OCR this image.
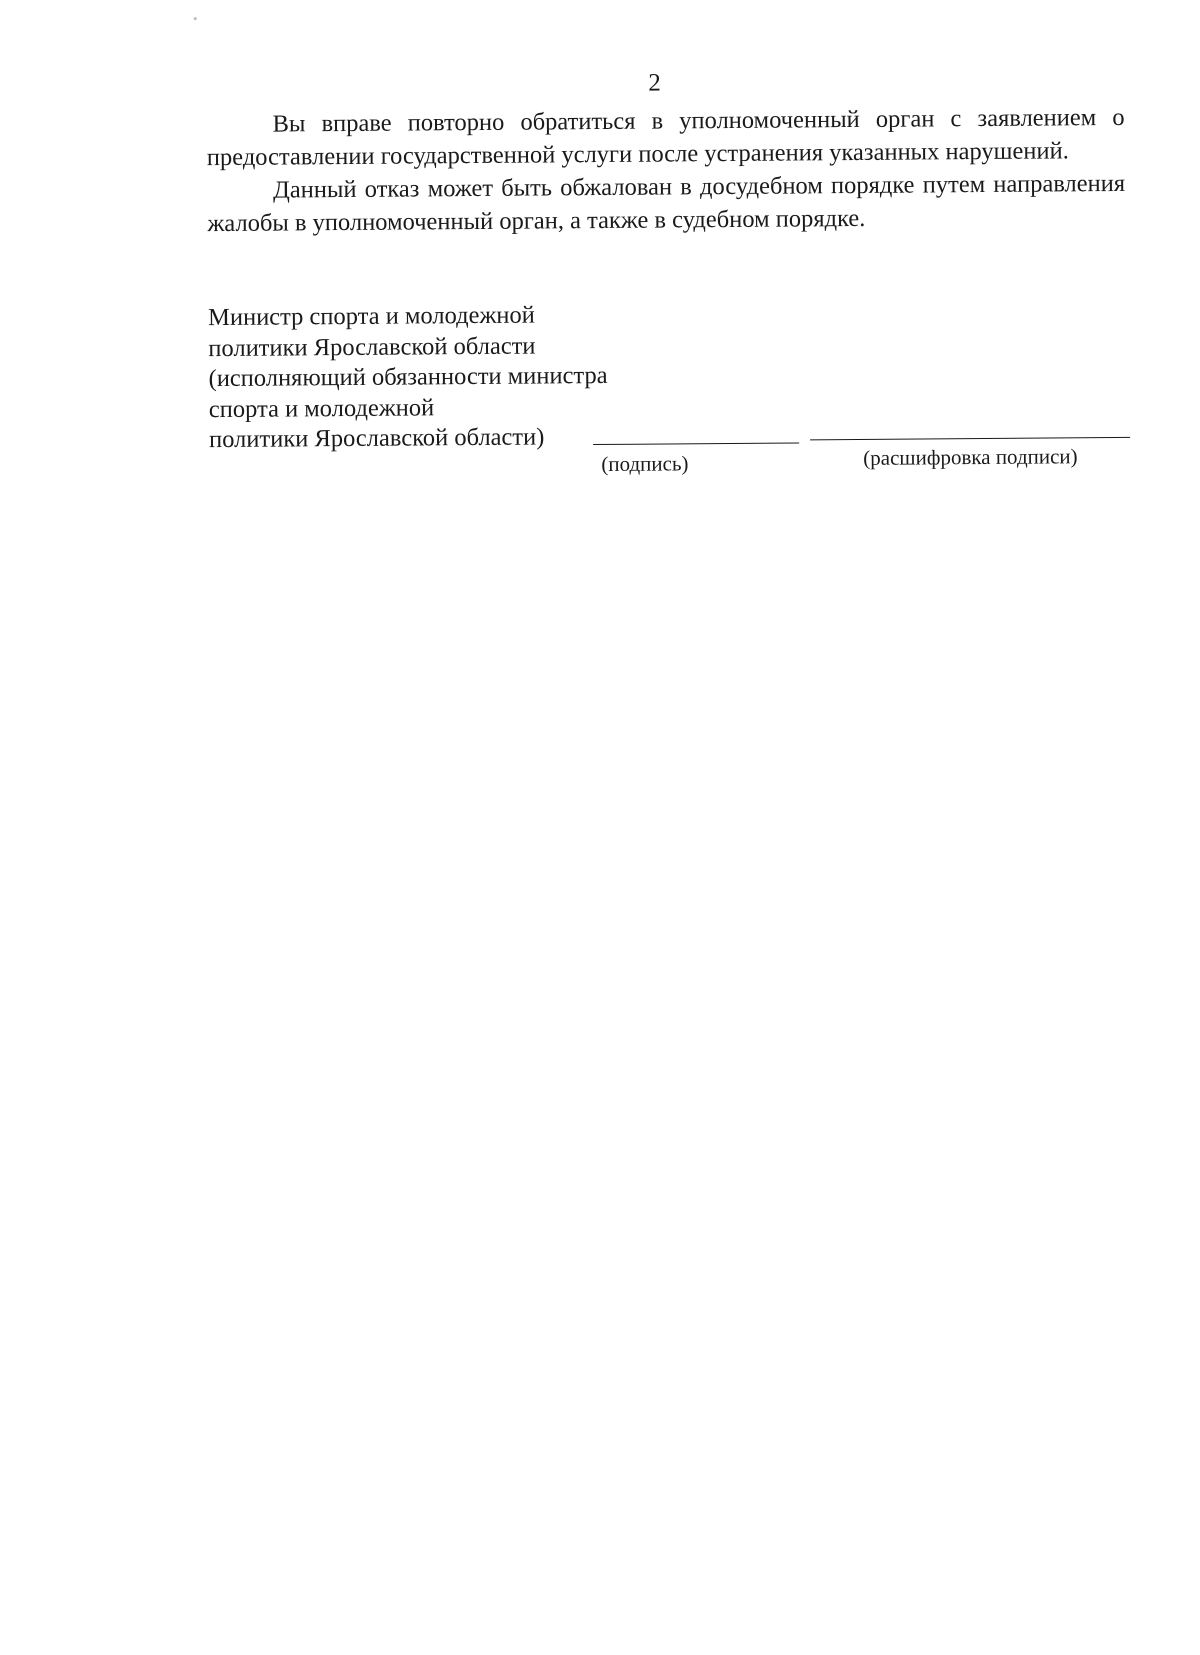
2

Вы вправе повторно обратиться в уполномоченный орган с заявлением о предоставлении государственной услуги после устранения указанных нарушений.

Данный отказ может быть обжалован в досудебном порядке путем направления жалобы в уполномоченный орган, а также в судебном порядке.

Министр спорта и молодежной
политики Ярославской области
(исполняющий обязанности министра
спорта и молодежной
политики Ярославской области)
(подпись)	(расшифровка подписи)
